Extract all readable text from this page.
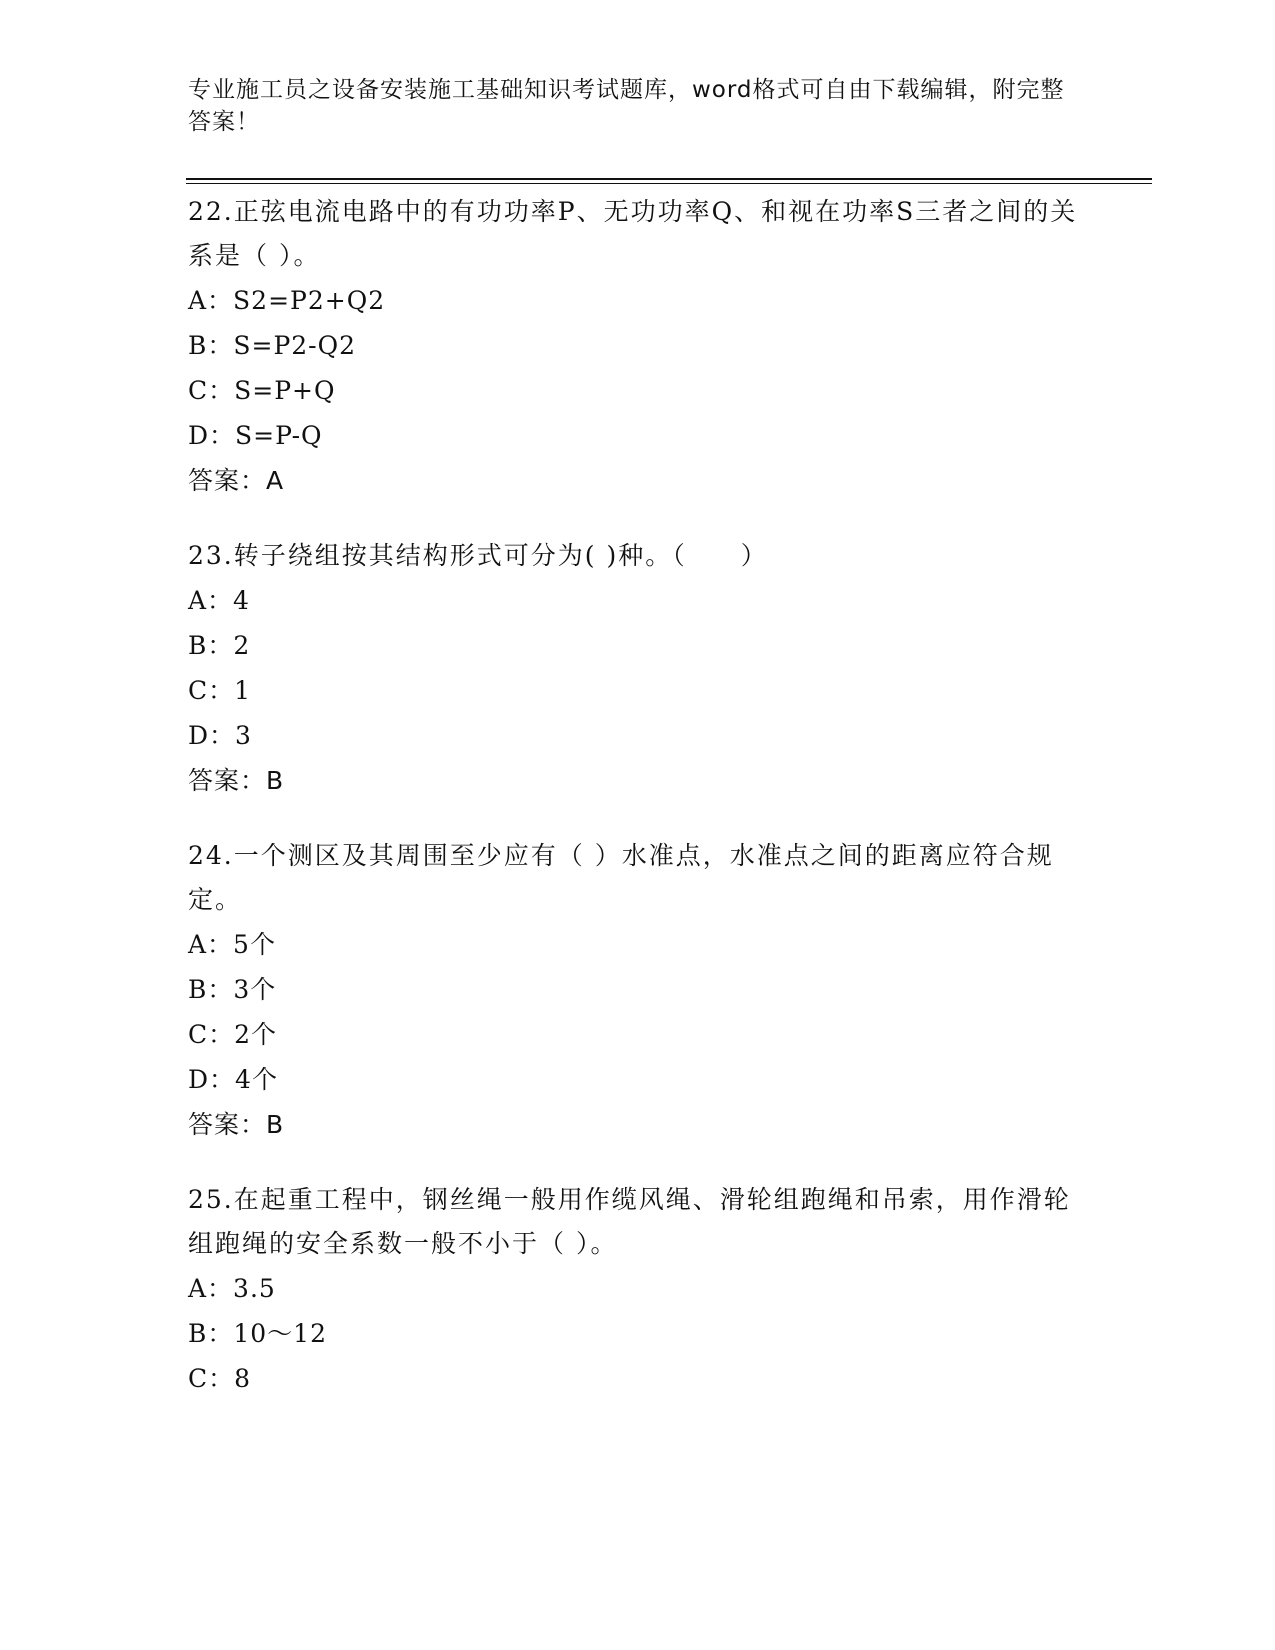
专业施工员之设备安装施工基础知识考试题库，word格式可自由下载编辑，附完整答案！
22.正弦电流电路中的有功功率P、无功功率Q、和视在功率S三者之间的关系是（ ）。
A：S2=P2+Q2
B：S=P2-Q2
C：S=P+Q
D：S=P-Q
答案：A
23.转子绕组按其结构形式可分为( )种。（　　）
A：4
B：2
C：1
D：3
答案：B
24.一个测区及其周围至少应有（ ）水准点，水准点之间的距离应符合规定。
A：5个
B：3个
C：2个
D：4个
答案：B
25.在起重工程中，钢丝绳一般用作缆风绳、滑轮组跑绳和吊索，用作滑轮组跑绳的安全系数一般不小于（ ）。
A：3.5
B：10～12
C：8
